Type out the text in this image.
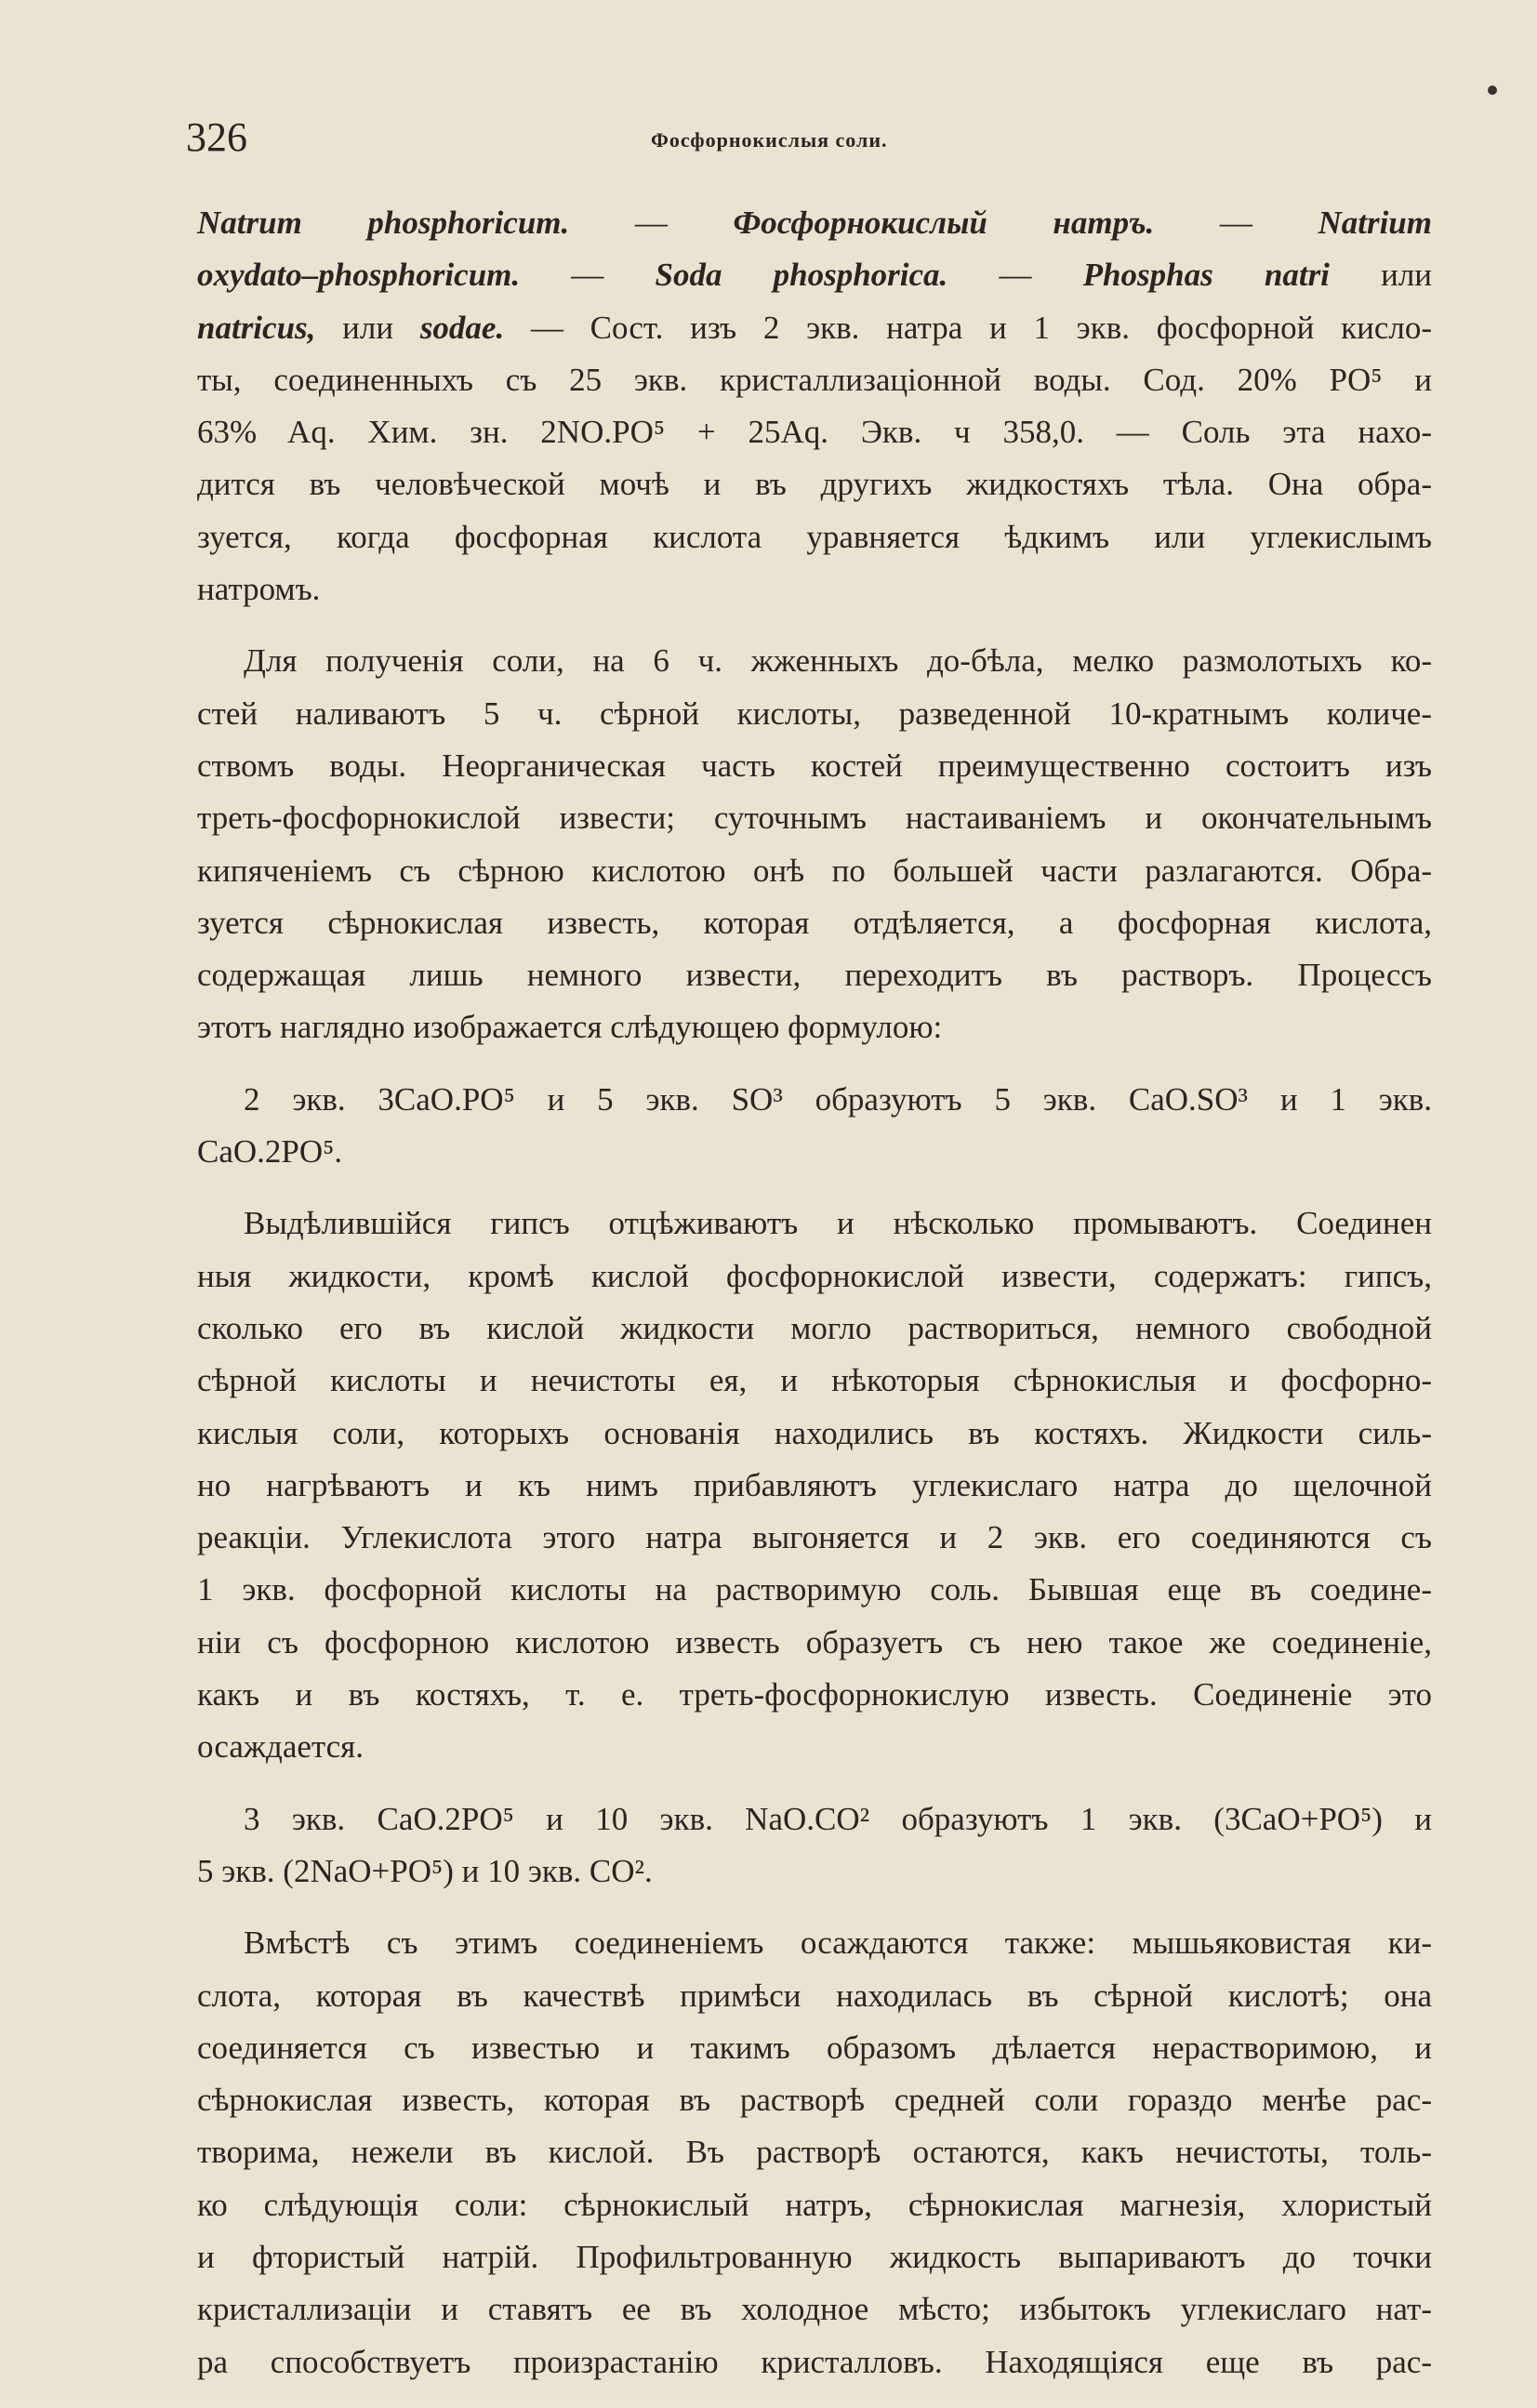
326	Фосфорнокислыя соли.
Natrum phosphoricum. — Фосфорнокислый натръ. — Natrium
oxydato–phosphoricum. — Soda phosphorica. — Phosphas natri или
natricus, или sodae. — Сост. изъ 2 экв. натра и 1 экв. фосфорной кисло-
ты, соединенныхъ съ 25 экв. кристаллизаціонной воды. Сод. 20% PO⁵ и
63% Aq. Хим. зн. 2NO.PO⁵ + 25Aq. Экв. ч 358,0. — Соль эта нахо-
дится въ человѣческой мочѣ и въ другихъ жидкостяхъ тѣла. Она обра-
зуется, когда фосфорная кислота уравняется ѣдкимъ или углекислымъ
натромъ.
Для полученія соли, на 6 ч. жженныхъ до-бѣла, мелко размолотыхъ ко-
стей наливаютъ 5 ч. сѣрной кислоты, разведенной 10-кратнымъ количе-
ствомъ воды. Неорганическая часть костей преимущественно состоитъ изъ
треть-фосфорнокислой извести; суточнымъ настаиваніемъ и окончательнымъ
кипяченіемъ съ сѣрною кислотою онѣ по большей части разлагаются. Обра-
зуется сѣрнокислая известь, которая отдѣляется, а фосфорная кислота,
содержащая лишь немного извести, переходитъ въ растворъ. Процессъ
этотъ наглядно изображается слѣдующею формулою:
2 экв. 3CaO.PO⁵ и 5 экв. SO³ образуютъ 5 экв. CaO.SO³ и 1 экв.
CaO.2PO⁵.
Выдѣлившійся гипсъ отцѣживаютъ и нѣсколько промываютъ. Соединен
ныя жидкости, кромѣ кислой фосфорнокислой извести, содержатъ: гипсъ,
сколько его въ кислой жидкости могло раствориться, немного свободной
сѣрной кислоты и нечистоты ея, и нѣкоторыя сѣрнокислыя и фосфорно-
кислыя соли, которыхъ основанія находились въ костяхъ. Жидкости силь-
но нагрѣваютъ и къ нимъ прибавляютъ углекислаго натра до щелочной
реакціи. Углекислота этого натра выгоняется и 2 экв. его соединяются съ
1 экв. фосфорной кислоты на растворимую соль. Бывшая еще въ соедине-
ніи съ фосфорною кислотою известь образуетъ съ нею такое же соединеніе,
какъ и въ костяхъ, т. е. треть-фосфорнокислую известь. Соединеніе это
осаждается.
3 экв. CaO.2PO⁵ и 10 экв. NaO.CO² образуютъ 1 экв. (3CaO+PO⁵) и
5 экв. (2NaO+PO⁵) и 10 экв. CO².
Вмѣстѣ съ этимъ соединеніемъ осаждаются также: мышьяковистая ки-
слота, которая въ качествѣ примѣси находилась въ сѣрной кислотѣ; она
соединяется съ известью и такимъ образомъ дѣлается нерастворимою, и
сѣрнокислая известь, которая въ растворѣ средней соли гораздо менѣе рас-
творима, нежели въ кислой. Въ растворѣ остаются, какъ нечистоты, толь-
ко слѣдующія соли: сѣрнокислый натръ, сѣрнокислая магнезія, хлористый
и фтористый натрій. Профильтрованную жидкость выпариваютъ до точки
кристаллизаціи и ставятъ ее въ холодное мѣсто; избытокъ углекислаго нат-
ра способствуетъ произрастанію кристалловъ. Находящіяся еще въ рас-
